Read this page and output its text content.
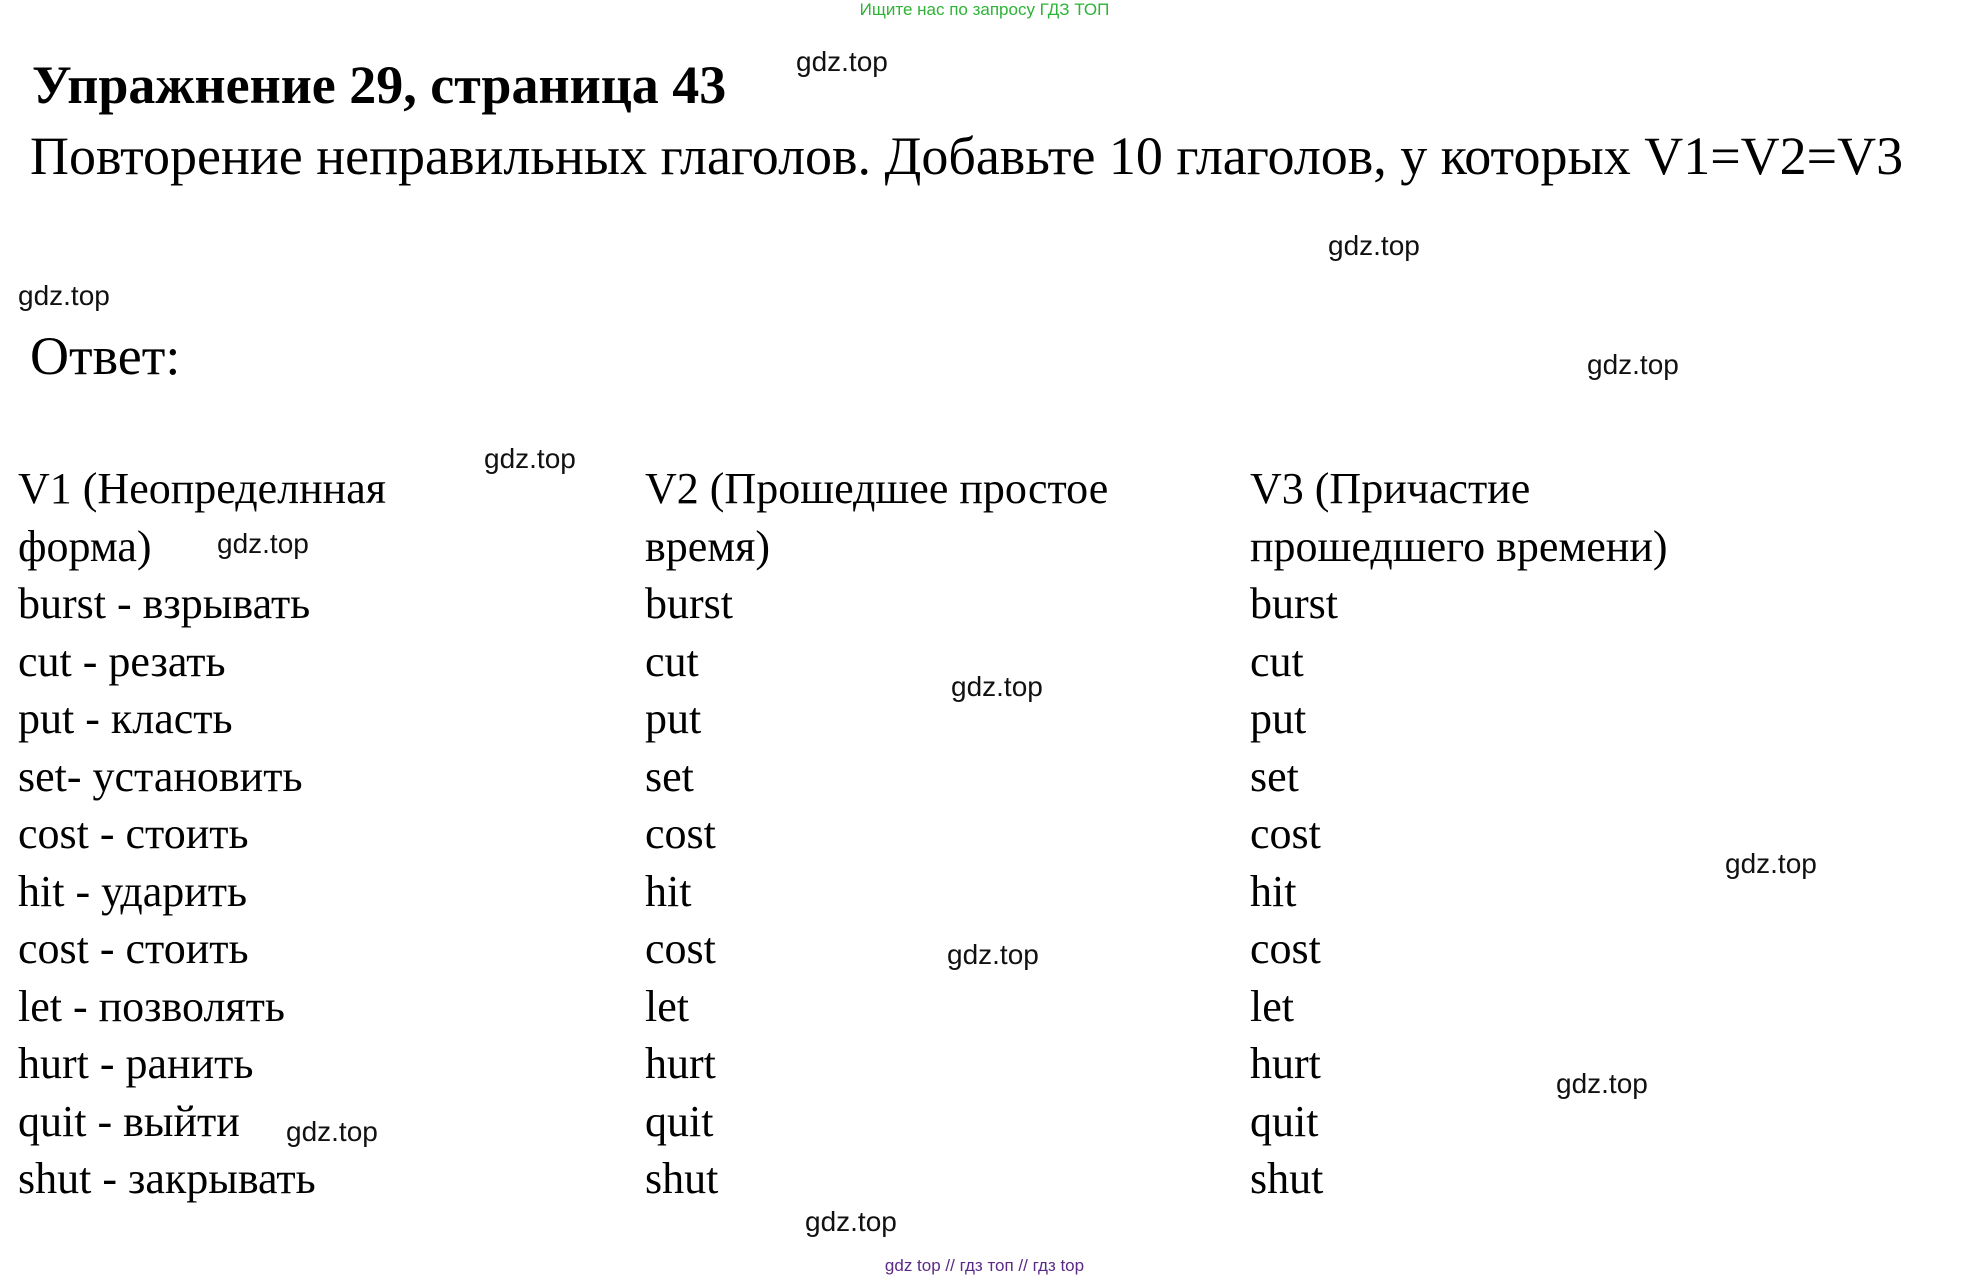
Ищите нас по запросу ГДЗ ТОП
Упражнение 29, страница 43
Повторение неправильных глаголов. Добавьте 10 глаголов, у которых V1=V2=V3
Ответ:
gdz.top
gdz.top
gdz.top
gdz.top
gdz.top
gdz.top
gdz.top
gdz.top
gdz.top
gdz.top
gdz.top
gdz.top
V1 (Неопределнная
форма)
burst - взрывать
cut - резать
put - класть
set- установить
cost - стоить
hit - ударить
cost - стоить
let - позволять
hurt - ранить
quit - выйти
shut - закрывать
V2 (Прошедшее простое
время)
burst
cut
put
set
cost
hit
cost
let
hurt
quit
shut
V3 (Причастие
прошедшего времени)
burst
cut
put
set
cost
hit
cost
let
hurt
quit
shut
gdz top // гдз топ // гдз top
